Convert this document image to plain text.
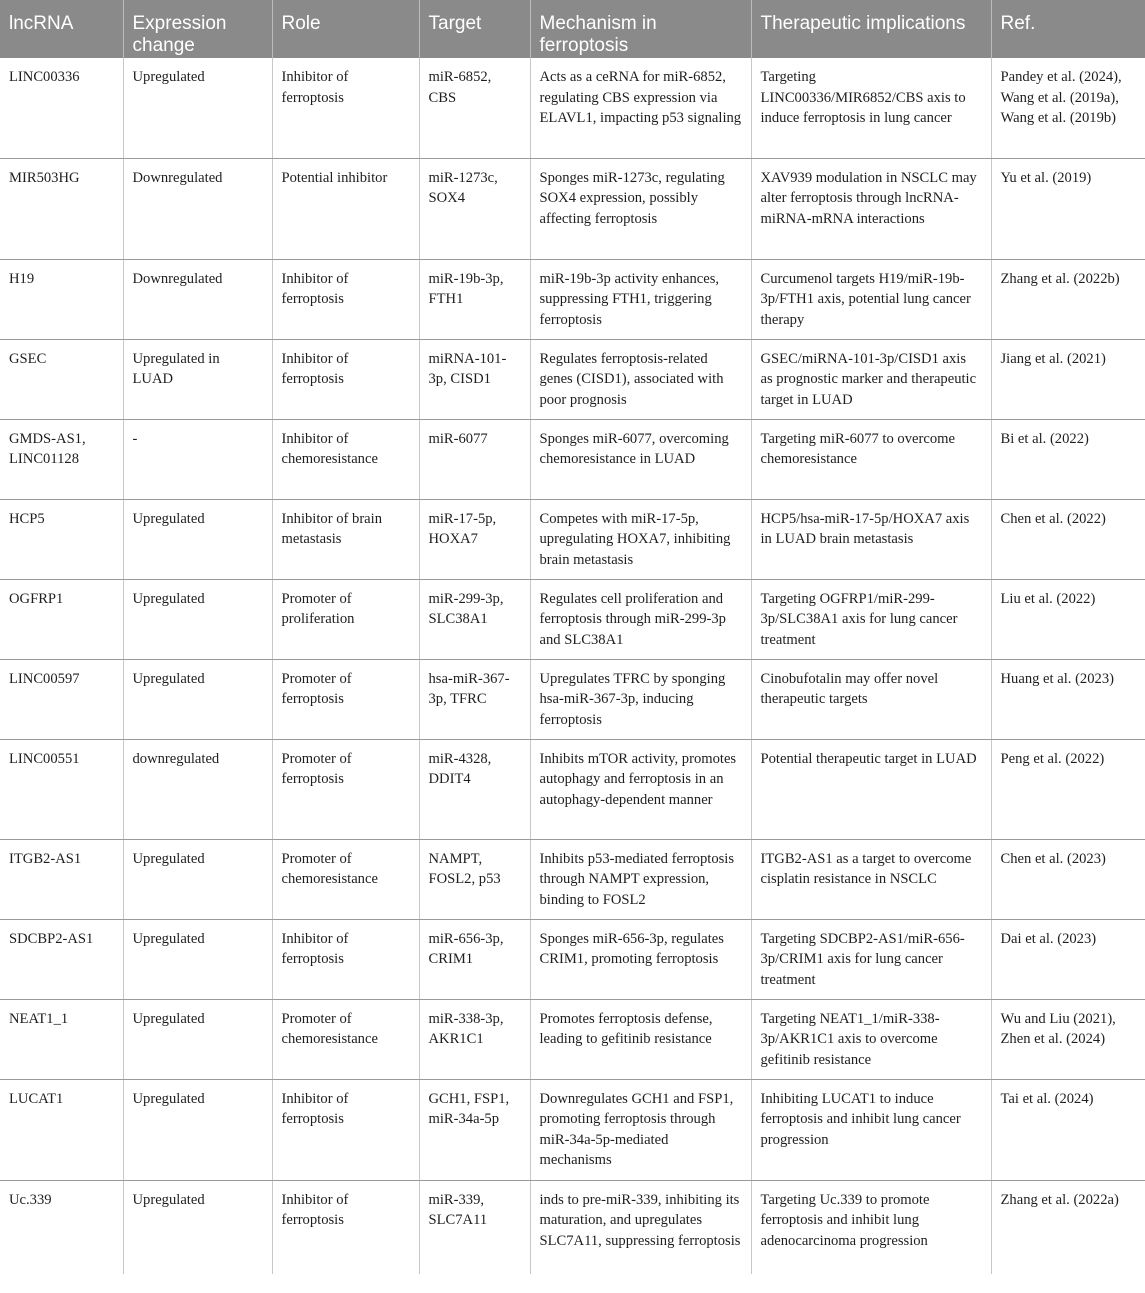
lncRNA	Expression change	Role	Target	Mechanism in ferroptosis	Therapeutic implications	Ref.
LINC00336	Upregulated	Inhibitor of ferroptosis	miR-6852, CBS	Acts as a ceRNA for miR-6852, regulating CBS expression via ELAVL1, impacting p53 signaling	Targeting LINC00336/MIR6852/CBS axis to induce ferroptosis in lung cancer	Pandey et al. (2024), Wang et al. (2019a), Wang et al. (2019b)
MIR503HG	Downregulated	Potential inhibitor	miR-1273c, SOX4	Sponges miR-1273c, regulating SOX4 expression, possibly affecting ferroptosis	XAV939 modulation in NSCLC may alter ferroptosis through lncRNA-miRNA-mRNA interactions	Yu et al. (2019)
H19	Downregulated	Inhibitor of ferroptosis	miR-19b-3p, FTH1	miR-19b-3p activity enhances, suppressing FTH1, triggering ferroptosis	Curcumenol targets H19/miR-19b-3p/FTH1 axis, potential lung cancer therapy	Zhang et al. (2022b)
GSEC	Upregulated in LUAD	Inhibitor of ferroptosis	miRNA-101-3p, CISD1	Regulates ferroptosis-related genes (CISD1), associated with poor prognosis	GSEC/miRNA-101-3p/CISD1 axis as prognostic marker and therapeutic target in LUAD	Jiang et al. (2021)
GMDS-AS1, LINC01128	-	Inhibitor of chemoresistance	miR-6077	Sponges miR-6077, overcoming chemoresistance in LUAD	Targeting miR-6077 to overcome chemoresistance	Bi et al. (2022)
HCP5	Upregulated	Inhibitor of brain metastasis	miR-17-5p, HOXA7	Competes with miR-17-5p, upregulating HOXA7, inhibiting brain metastasis	HCP5/hsa-miR-17-5p/HOXA7 axis in LUAD brain metastasis	Chen et al. (2022)
OGFRP1	Upregulated	Promoter of proliferation	miR-299-3p, SLC38A1	Regulates cell proliferation and ferroptosis through miR-299-3p and SLC38A1	Targeting OGFRP1/miR-299-3p/SLC38A1 axis for lung cancer treatment	Liu et al. (2022)
LINC00597	Upregulated	Promoter of ferroptosis	hsa-miR-367-3p, TFRC	Upregulates TFRC by sponging hsa-miR-367-3p, inducing ferroptosis	Cinobufotalin may offer novel therapeutic targets	Huang et al. (2023)
LINC00551	downregulated	Promoter of ferroptosis	miR-4328, DDIT4	Inhibits mTOR activity, promotes autophagy and ferroptosis in an autophagy-dependent manner	Potential therapeutic target in LUAD	Peng et al. (2022)
ITGB2-AS1	Upregulated	Promoter of chemoresistance	NAMPT, FOSL2, p53	Inhibits p53-mediated ferroptosis through NAMPT expression, binding to FOSL2	ITGB2-AS1 as a target to overcome cisplatin resistance in NSCLC	Chen et al. (2023)
SDCBP2-AS1	Upregulated	Inhibitor of ferroptosis	miR-656-3p, CRIM1	Sponges miR-656-3p, regulates CRIM1, promoting ferroptosis	Targeting SDCBP2-AS1/miR-656-3p/CRIM1 axis for lung cancer treatment	Dai et al. (2023)
NEAT1_1	Upregulated	Promoter of chemoresistance	miR-338-3p, AKR1C1	Promotes ferroptosis defense, leading to gefitinib resistance	Targeting NEAT1_1/miR-338-3p/AKR1C1 axis to overcome gefitinib resistance	Wu and Liu (2021), Zhen et al. (2024)
LUCAT1	Upregulated	Inhibitor of ferroptosis	GCH1, FSP1, miR-34a-5p	Downregulates GCH1 and FSP1, promoting ferroptosis through miR-34a-5p-mediated mechanisms	Inhibiting LUCAT1 to induce ferroptosis and inhibit lung cancer progression	Tai et al. (2024)
Uc.339	Upregulated	Inhibitor of ferroptosis	miR-339, SLC7A11	inds to pre-miR-339, inhibiting its maturation, and upregulates SLC7A11, suppressing ferroptosis	Targeting Uc.339 to promote ferroptosis and inhibit lung adenocarcinoma progression	Zhang et al. (2022a)
